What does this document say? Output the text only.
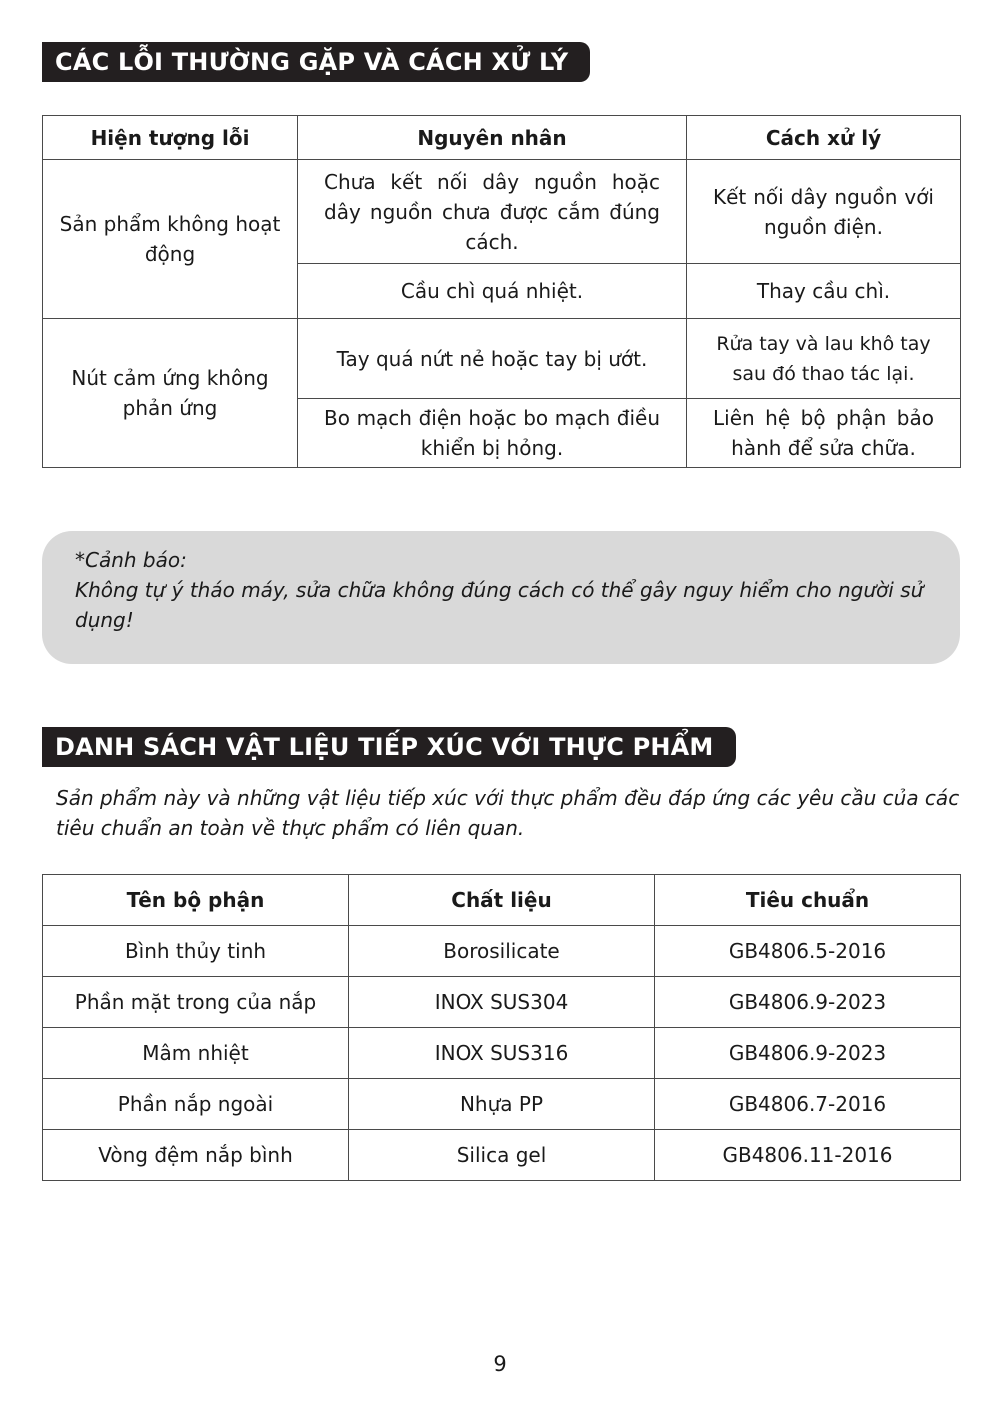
CÁC LỖI THƯỜNG GẶP VÀ CÁCH XỬ LÝ
Hiện tượng lỗi	Nguyên nhân	Cách xử lý
Sản phẩm không hoạt động	Chưa kết nối dây nguồn hoặc dây nguồn chưa được cắm đúng cách.	Kết nối dây nguồn với nguồn điện.
	Cầu chì quá nhiệt.	Thay cầu chì.
Nút cảm ứng không phản ứng	Tay quá nứt nẻ hoặc tay bị ướt.	Rửa tay và lau khô tay sau đó thao tác lại.
	Bo mạch điện hoặc bo mạch điều khiển bị hỏng.	Liên hệ bộ phận bảo hành để sửa chữa.
*Cảnh báo:
Không tự ý tháo máy, sửa chữa không đúng cách có thể gây nguy hiểm cho người sử dụng!
DANH SÁCH VẬT LIỆU TIẾP XÚC VỚI THỰC PHẨM
Sản phẩm này và những vật liệu tiếp xúc với thực phẩm đều đáp ứng các yêu cầu của các tiêu chuẩn an toàn về thực phẩm có liên quan.
Tên bộ phận	Chất liệu	Tiêu chuẩn
Bình thủy tinh	Borosilicate	GB4806.5-2016
Phần mặt trong của nắp	INOX SUS304	GB4806.9-2023
Mâm nhiệt	INOX SUS316	GB4806.9-2023
Phần nắp ngoài	Nhựa PP	GB4806.7-2016
Vòng đệm nắp bình	Silica gel	GB4806.11-2016
9
